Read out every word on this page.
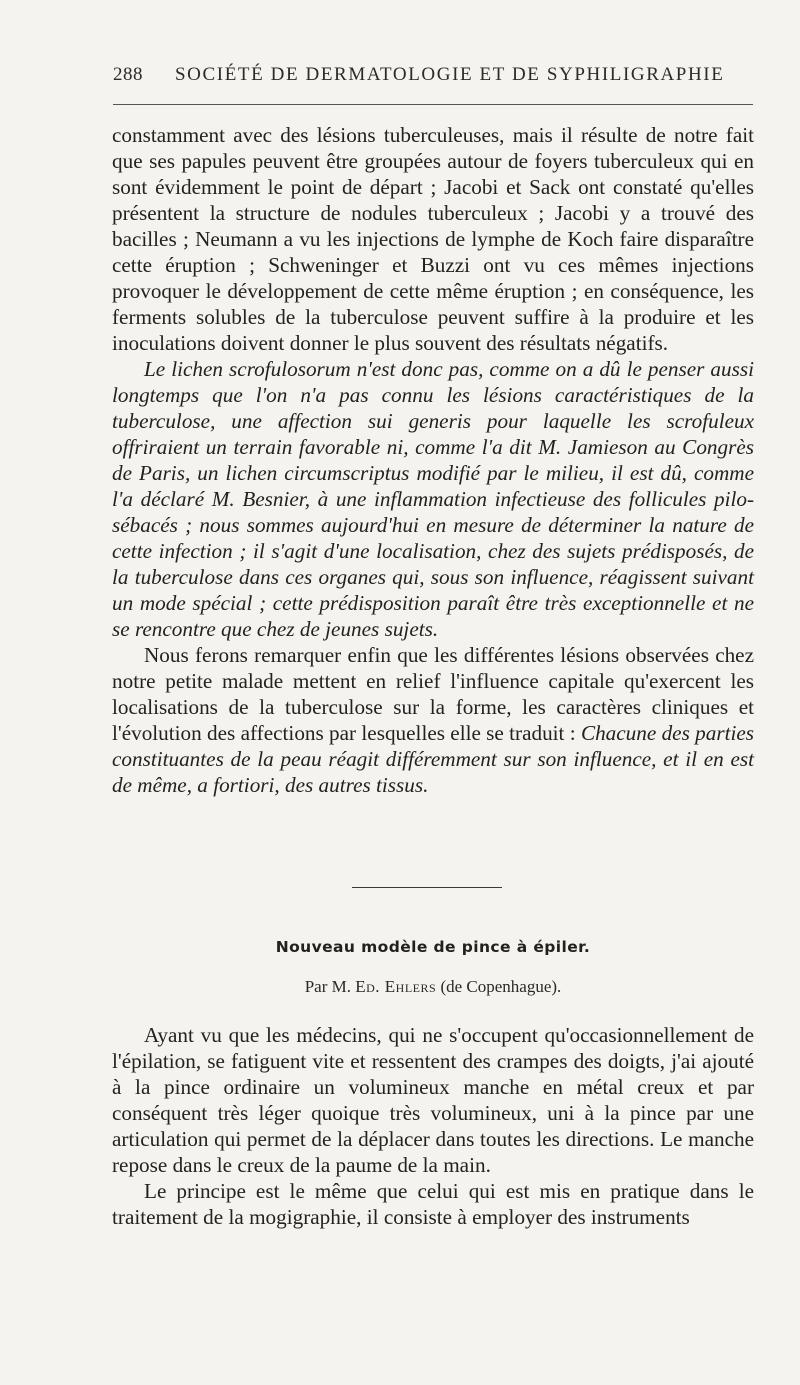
288 SOCIÉTÉ DE DERMATOLOGIE ET DE SYPHILIGRAPHIE

constamment avec des lésions tuberculeuses, mais il résulte de notre fait que ses papules peuvent être groupées autour de foyers tuberculeux qui en sont évidemment le point de départ ; Jacobi et Sack ont constaté qu'elles présentent la structure de nodules tuberculeux ; Jacobi y a trouvé des bacilles ; Neumann a vu les injections de lymphe de Koch faire disparaître cette éruption ; Schweninger et Buzzi ont vu ces mêmes injections provoquer le développement de cette même éruption ; en conséquence, les ferments solubles de la tuberculose peuvent suffire à la produire et les inoculations doivent donner le plus souvent des résultats négatifs.

Le lichen scrofulosorum n'est donc pas, comme on a dû le penser aussi longtemps que l'on n'a pas connu les lésions caractéristiques de la tuberculose, une affection sui generis pour laquelle les scrofuleux offriraient un terrain favorable ni, comme l'a dit M. Jamieson au Congrès de Paris, un lichen circumscriptus modifié par le milieu, il est dû, comme l'a déclaré M. Besnier, à une inflammation infectieuse des follicules pilo-sébacés ; nous sommes aujourd'hui en mesure de déterminer la nature de cette infection ; il s'agit d'une localisation, chez des sujets prédisposés, de la tuberculose dans ces organes qui, sous son influence, réagissent suivant un mode spécial ; cette prédisposition paraît être très exceptionnelle et ne se rencontre que chez de jeunes sujets.

Nous ferons remarquer enfin que les différentes lésions observées chez notre petite malade mettent en relief l'influence capitale qu'exercent les localisations de la tuberculose sur la forme, les caractères cliniques et l'évolution des affections par lesquelles elle se traduit : Chacune des parties constituantes de la peau réagit différemment sur son influence, et il en est de même, a fortiori, des autres tissus.

Nouveau modèle de pince à épiler.
Par M. Ed. Ehlers (de Copenhague).

Ayant vu que les médecins, qui ne s'occupent qu'occasionnellement de l'épilation, se fatiguent vite et ressentent des crampes des doigts, j'ai ajouté à la pince ordinaire un volumineux manche en métal creux et par conséquent très léger quoique très volumineux, uni à la pince par une articulation qui permet de la déplacer dans toutes les directions. Le manche repose dans le creux de la paume de la main.

Le principe est le même que celui qui est mis en pratique dans le traitement de la mogigraphie, il consiste à employer des instruments
